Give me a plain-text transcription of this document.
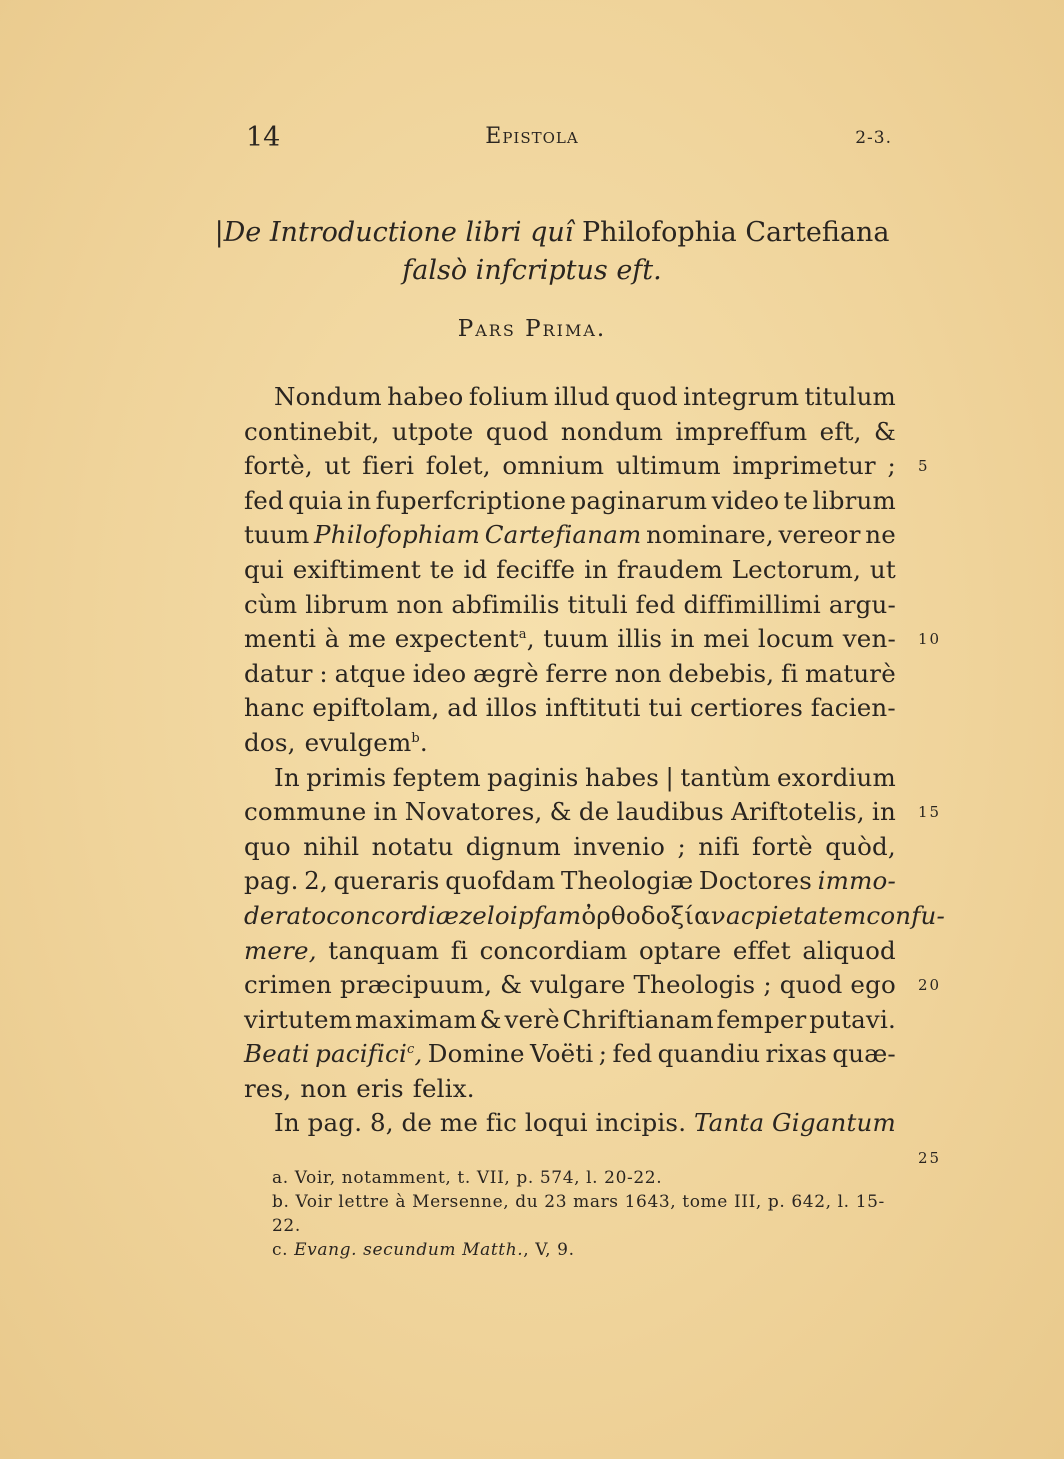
14	Epistola	2-3.
|De Introductione libri quî Philofophia Cartefiana
falsò infcriptus eft.
Pars Prima.
Nondum habeo folium illud quod integrum titulum
continebit, utpote quod nondum impreffum eft, &
fortè, ut fieri folet, omnium ultimum imprimetur ;
fed quia in fuperfcriptione paginarum video te librum
tuum Philofophiam Cartefianam nominare, vereor ne
qui exiftiment te id feciffe in fraudem Lectorum, ut
cùm librum non abfimilis tituli fed diffimillimi argu-
menti à me expectent$^a$, tuum illis in mei locum ven-
datur : atque ideo ægrè ferre non debebis, fi maturè
hanc epiftolam, ad illos inftituti tui certiores facien-
dos, evulgem$^b$.
In primis feptem paginis habes | tantùm exordium
commune in Novatores, & de laudibus Ariftotelis, in
quo nihil notatu dignum invenio ; nifi fortè quòd,
pag. 2, queraris quofdam Theologiæ Doctores immo-
derato concordiæ zelo ipfam ὀρθοδοξίαν ac pietatem confu-
mere, tanquam fi concordiam optare effet aliquod
crimen præcipuum, & vulgare Theologis ; quod ego
virtutem maximam & verè Chriftianam femper putavi.
Beati pacifici$^c$, Domine Voëti ; fed quandiu rixas quæ-
res, non eris felix.
In pag. 8, de me fic loqui incipis. Tanta Gigantum
5
10
15
20
25
a. Voir, notamment, t. VII, p. 574, l. 20-22.
b. Voir lettre à Mersenne, du 23 mars 1643, tome III, p. 642, l. 15-22.
c. Evang. secundum Matth., V, 9.
